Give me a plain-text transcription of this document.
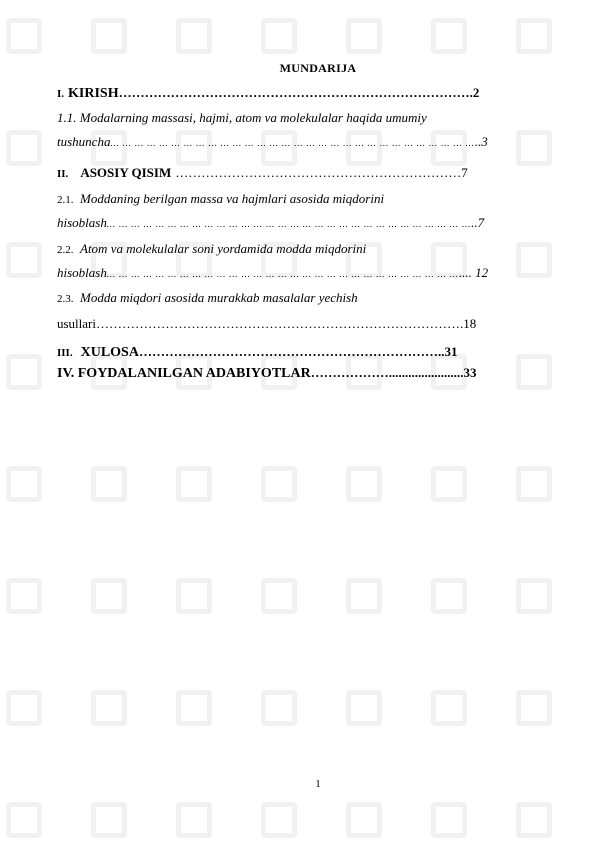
MUNDARIJA
I. KIRISH……………………………………………………………………….2
1.1. Modalarning massasi, hajmi, atom va molekulalar haqida umumiy
tushuncha… … … … … … … … … … … … … … … … … … … … … … … … … … … … … …..3
II. ASOSIY QISIM …………………………………………………………7
2.1. Moddaning berilgan massa va hajmlari asosida miqdorini
hisoblash… … … … … … … … … … … … … … … … … … … … … … … … … … … … … …..7
2.2. Atom va molekulalar soni yordamida modda miqdorini
hisoblash… … … … … … … … … … … … … … … … … … … … … … … … … … … … ….... 12
2.3. Modda miqdori asosida murakkab masalalar yechish
usullari………………………………………………………………………….18
III. XULOSA……………………………………………………………..31
IV. FOYDALANILGAN ADABIYOTLAR……………….......................33
1
